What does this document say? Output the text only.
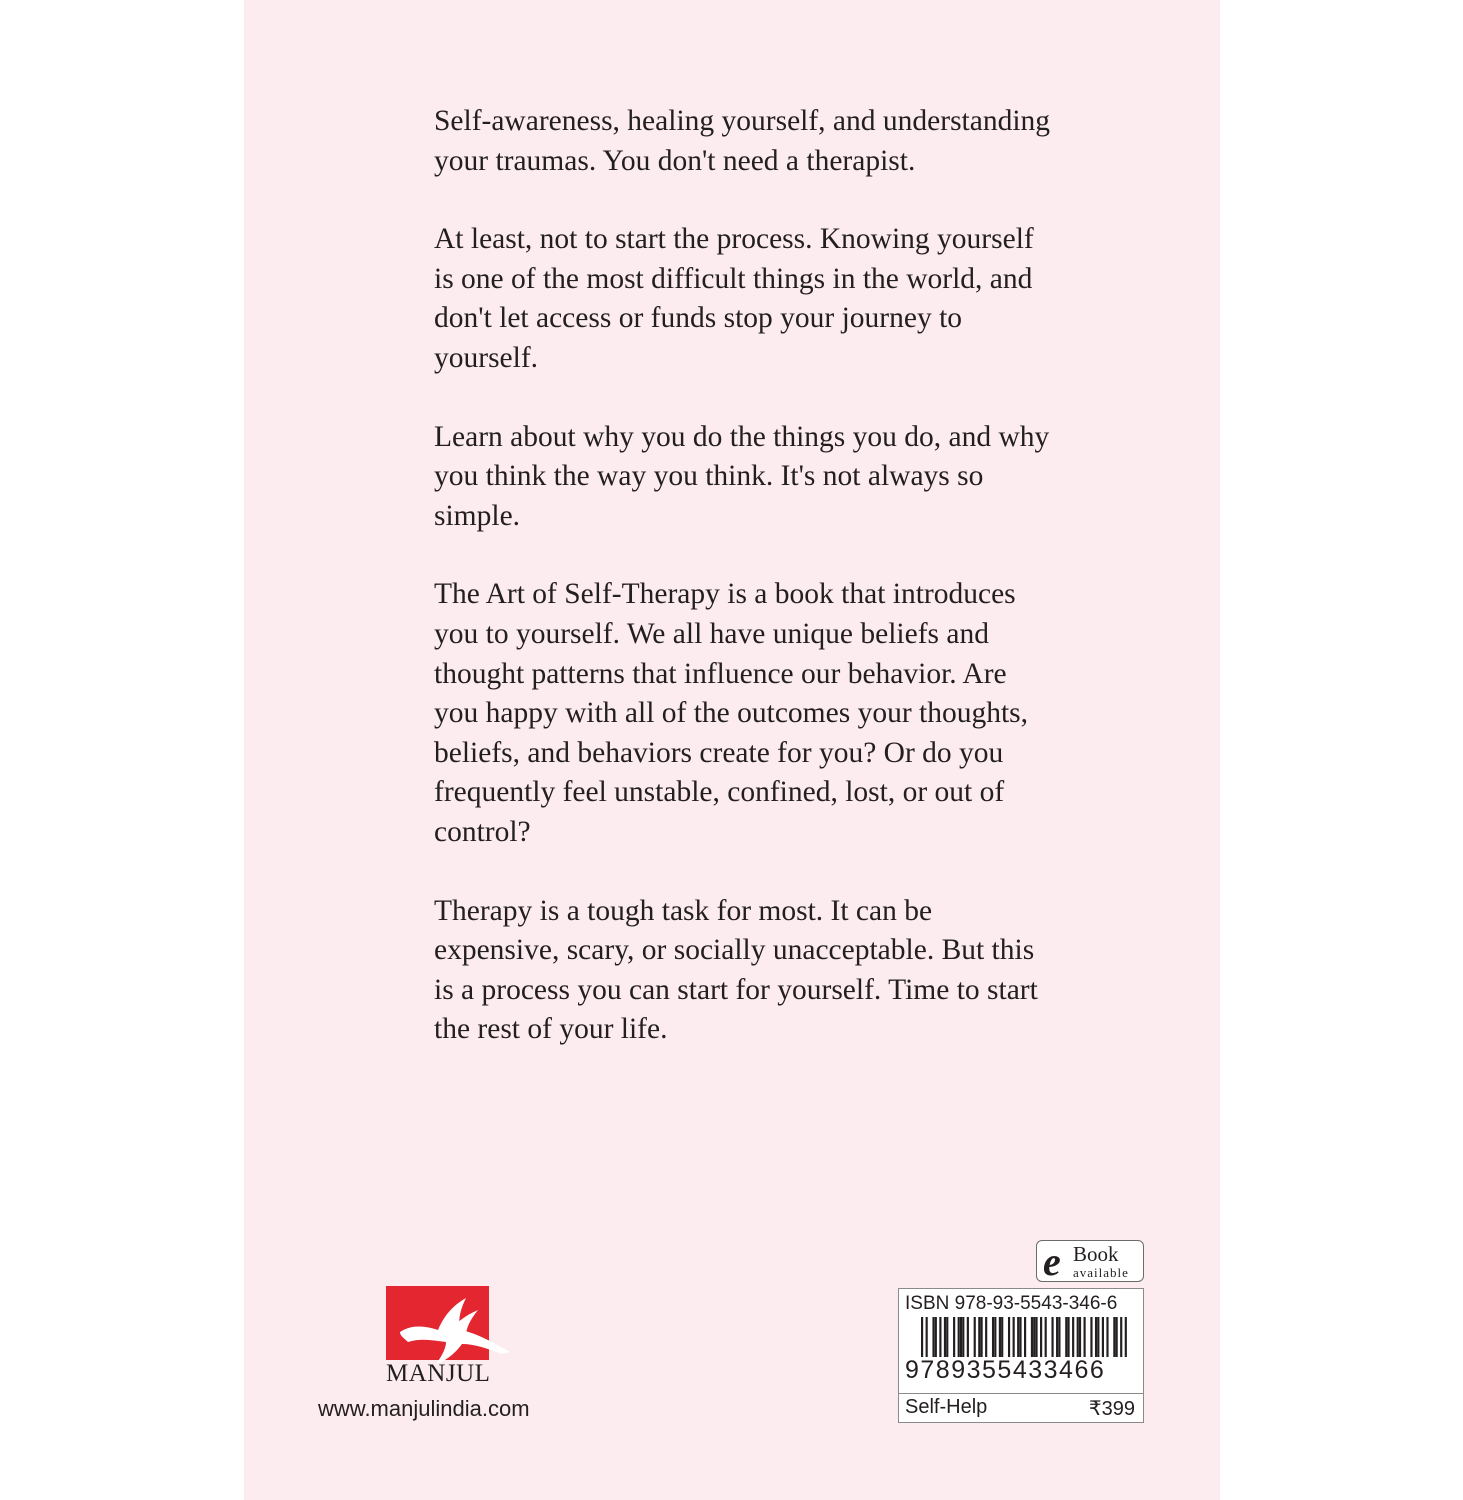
Self-awareness, healing yourself, and understanding your traumas. You don't need a therapist.

At least, not to start the process. Knowing yourself is one of the most difficult things in the world, and don't let access or funds stop your journey to yourself.

Learn about why you do the things you do, and why you think the way you think. It's not always so simple.

The Art of Self-Therapy is a book that introduces you to yourself. We all have unique beliefs and thought patterns that influence our behavior. Are you happy with all of the outcomes your thoughts, beliefs, and behaviors create for you? Or do you frequently feel unstable, confined, lost, or out of control?

Therapy is a tough task for most. It can be expensive, scary, or socially unacceptable. But this is a process you can start for yourself. Time to start the rest of your life.

MANJUL
www.manjulindia.com
e Book
available
ISBN 978-93-5543-346-6
9789355433466
Self-Help	₹399
